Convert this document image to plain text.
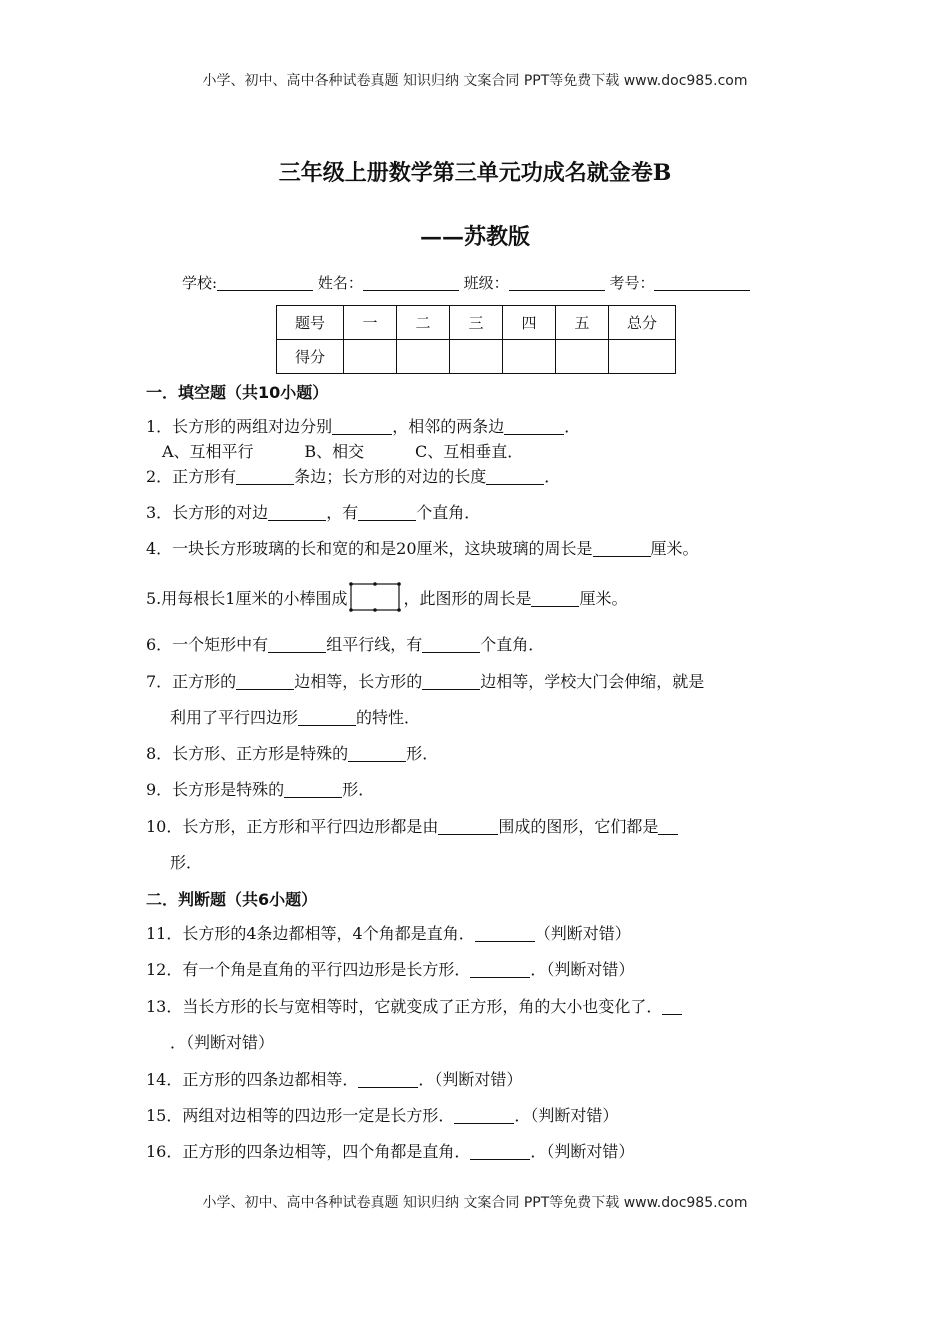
小学、初中、高中各种试卷真题 知识归纳 文案合同 PPT等免费下载 www.doc985.com
三年级上册数学第三单元功成名就金卷B
——苏教版
学校:	姓名：	班级：	考号：
题号	一	二	三	四	五	总分
得分						
一．填空题（共10小题）
1．长方形的两组对边分别	，相邻的两条边	．
A、互相平行          B、相交          C、互相垂直．
2．正方形有	条边；长方形的对边的长度	．
3．长方形的对边	，有	个直角．
4．一块长方形玻璃的长和宽的和是20厘米，这块玻璃的周长是	厘米。
5.用每根长1厘米的小棒围成	，此图形的周长是	厘米。
6．一个矩形中有	组平行线，有	个直角．
7．正方形的	边相等，长方形的	边相等，学校大门会伸缩，就是
利用了平行四边形	的特性．
8．长方形、正方形是特殊的	形．
9．长方形是特殊的	形．
10．长方形，正方形和平行四边形都是由	围成的图形，它们都是
形．
二．判断题（共6小题）
11．长方形的4条边都相等，4个角都是直角．	（判断对错）
12．有一个角是直角的平行四边形是长方形．	．（判断对错）
13．当长方形的长与宽相等时，它就变成了正方形，角的大小也变化了．
．（判断对错）
14．正方形的四条边都相等．	．（判断对错）
15．两组对边相等的四边形一定是长方形．	．（判断对错）
16．正方形的四条边相等，四个角都是直角．	．（判断对错）
小学、初中、高中各种试卷真题 知识归纳 文案合同 PPT等免费下载 www.doc985.com
